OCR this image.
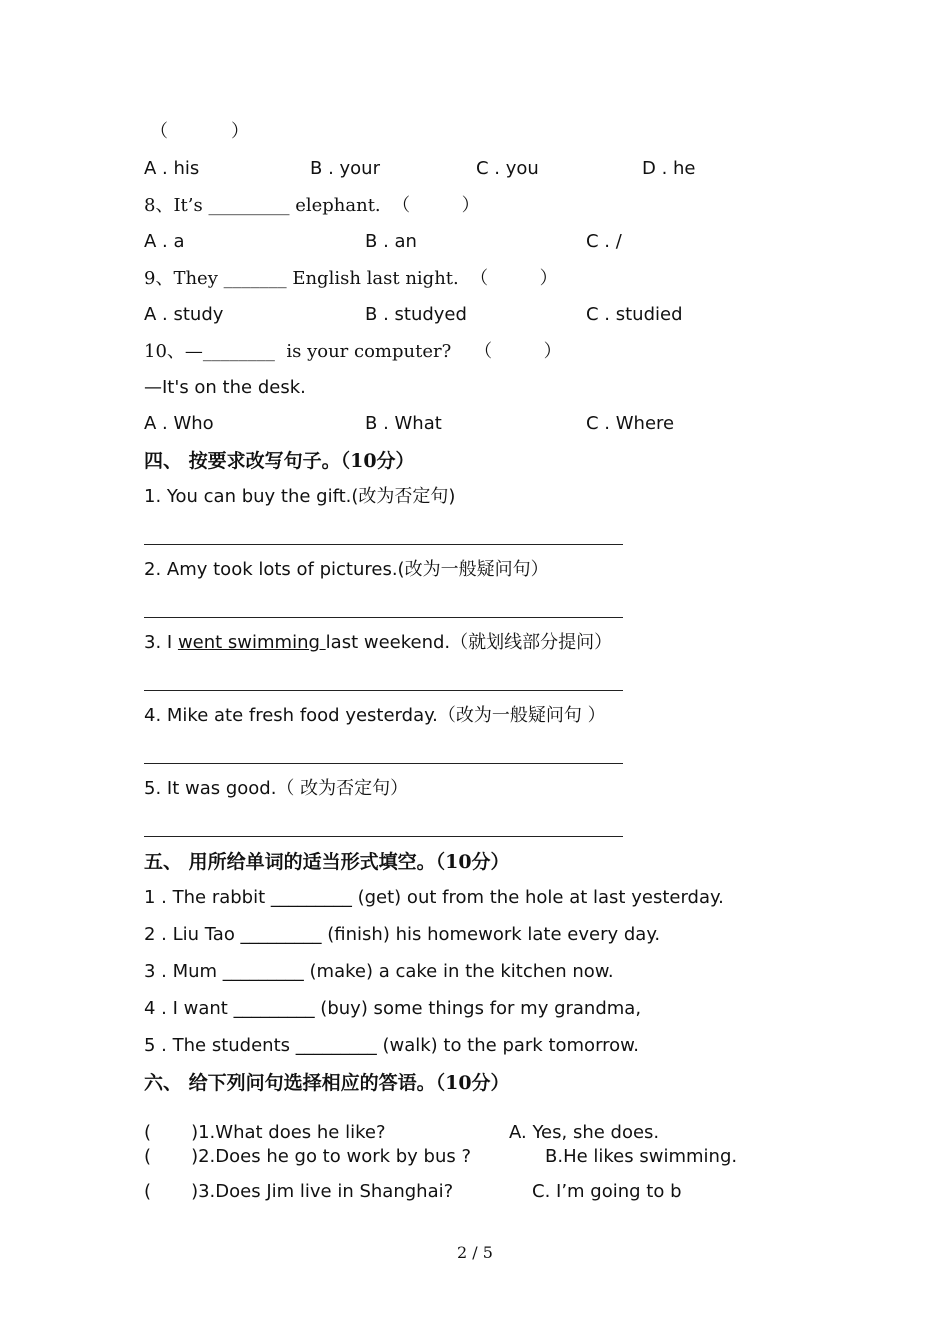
（           ）
A . his	B . your	C . you	D . he
8、It’s _________ elephant.  （         ）
A . a	B . an	C . /
9、They _______ English last night.  （         ）
A . study	B . studyed	C . studied
10、—________  is your computer?    （         ）
—It's on the desk.
A . Who	B . What	C . Where
四、 按要求改写句子。（10分）
1. You can buy the gift.(改为否定句)
2. Amy took lots of pictures.(改为一般疑问句）
3. I went swimming last weekend.（就划线部分提问）
4. Mike ate fresh food yesterday.（改为一般疑问句 ）
5. It was good.（ 改为否定句）
五、 用所给单词的适当形式填空。（10分）
1 . The rabbit _________ (get) out from the hole at last yesterday.
2 . Liu Tao _________ (finish) his homework late every day.
3 . Mum _________ (make) a cake in the kitchen now.
4 . I want _________ (buy) some things for my grandma,
5 . The students _________ (walk) to the park tomorrow.
六、 给下列问句选择相应的答语。（10分）
(       )1.What does he like?	A. Yes, she does.
(       )2.Does he go to work by bus ?	B.He likes swimming.
(       )3.Does Jim live in Shanghai?	C. I’m going to b
2 / 5
